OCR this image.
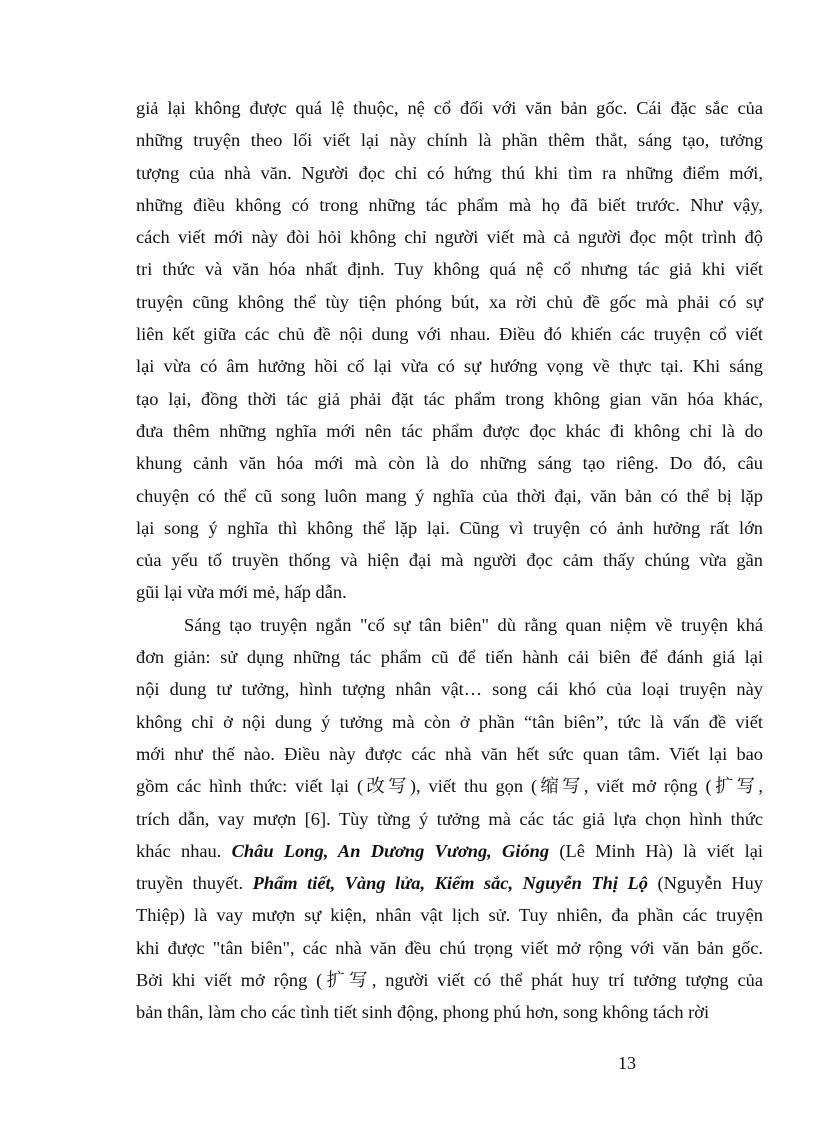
giả lại không được quá lệ thuộc, nệ cổ đối với văn bản gốc. Cái đặc sắc của
những truyện theo lối viết lại này chính là phần thêm thắt, sáng tạo, tưởng
tượng của nhà văn. Người đọc chỉ có hứng thú khi tìm ra những điểm mới,
những điều không có trong những tác phẩm mà họ đã biết trước. Như vậy,
cách viết mới này đòi hỏi không chỉ người viết mà cả người đọc một trình độ
tri thức và văn hóa nhất định. Tuy không quá nệ cổ nhưng tác giả khi viết
truyện cũng không thể tùy tiện phóng bút, xa rời chủ đề gốc mà phải có sự
liên kết giữa các chủ đề nội dung với nhau. Điều đó khiến các truyện cổ viết
lại vừa có âm hưởng hồi cố lại vừa có sự hướng vọng về thực tại. Khi sáng
tạo lại, đồng thời tác giả phải đặt tác phẩm trong không gian văn hóa khác,
đưa thêm những nghĩa mới nên tác phẩm được đọc khác đi không chỉ là do
khung cảnh văn hóa mới mà còn là do những sáng tạo riêng. Do đó, câu
chuyện có thể cũ song luôn mang ý nghĩa của thời đại, văn bản có thể bị lặp
lại song ý nghĩa thì không thể lặp lại. Cũng vì truyện có ảnh hưởng rất lớn
của yếu tố truyền thống và hiện đại mà người đọc cảm thấy chúng vừa gần
gũi lại vừa mới mẻ, hấp dẫn.
Sáng tạo truyện ngắn "cố sự tân biên" dù rằng quan niệm về truyện khá
đơn giản: sử dụng những tác phẩm cũ để tiến hành cải biên để đánh giá lại
nội dung tư tưởng, hình tượng nhân vật… song cái khó của loại truyện này
không chỉ ở nội dung ý tưởng mà còn ở phần “tân biên”, tức là vấn đề viết
mới như thế nào. Điều này được các nhà văn hết sức quan tâm. Viết lại bao
gồm các hình thức: viết lại (改写), viết thu gọn (缩写, viết mở rộng (扩写,
trích dẫn, vay mượn [6]. Tùy từng ý tưởng mà các tác giả lựa chọn hình thức
khác nhau. Châu Long, An Dương Vương, Gióng (Lê Minh Hà) là viết lại
truyền thuyết. Phẩm tiết, Vàng lửa, Kiếm sắc, Nguyễn Thị Lộ (Nguyễn Huy
Thiệp) là vay mượn sự kiện, nhân vật lịch sử. Tuy nhiên, đa phần các truyện
khi được "tân biên", các nhà văn đều chú trọng viết mở rộng với văn bản gốc.
Bởi khi viết mở rộng (扩写, người viết có thể phát huy trí tưởng tượng của
bản thân, làm cho các tình tiết sinh động, phong phú hơn, song không tách rời
13
